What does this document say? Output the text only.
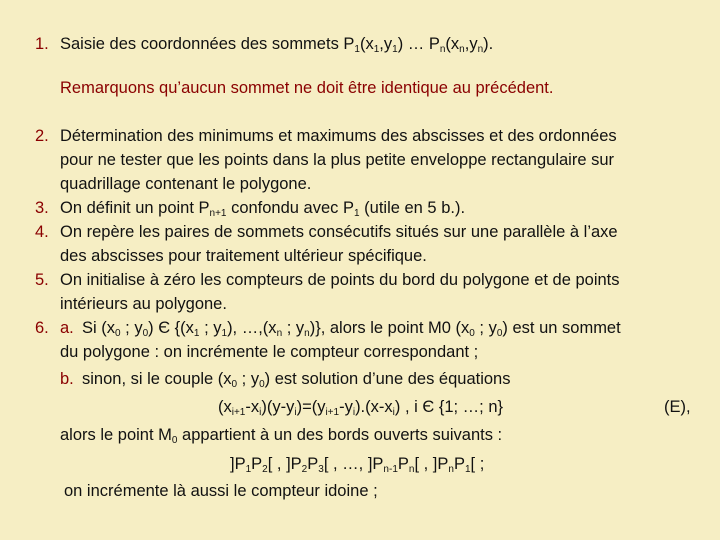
1.
2.
3.
4.
5.
6.
Saisie des coordonnées des sommets $P_1(x_1,y_1)$ … $P_n(x_n,y_n)$.
Remarquons qu’aucun sommet ne doit être identique au précédent.
Détermination des minimums et maximums des abscisses et des ordonnées
pour ne tester que les points dans la plus petite enveloppe rectangulaire sur
quadrillage contenant le polygone.
On définit un point $P_{n+1}$ confondu avec $P_1$ (utile en 5 b.).
On repère les paires de sommets consécutifs situés sur une parallèle à l’axe
des abscisses pour traitement ultérieur spécifique.
On initialise à zéro les compteurs de points du bord du polygone et de points
intérieurs au polygone.
a. Si ($x_0$ ; $y_0$) Є {($x_1$ ; $y_1$), $\dots,(x_n$ ; $y_n$)}, alors le point M0 ($x_0$ ; $y_0$) est un sommet
du polygone : on incrémente le compteur correspondant ;
b. sinon, si le couple ($x_0$ ; $y_0$) est solution d’une des équations
$(x_{i+1}-x_i)(y-y_i)=(y_{i+1}-y_i).(x-x_i)$ , i Є {1; …; n}	(E),
alors le point $M_0$ appartient à un des bords ouverts suivants :
]$P_1P_2$[ , ]$P_2P_3$[ , …, ]$P_{n-1}P_n$[ , ]$P_nP_1$[ ;
on incrémente là aussi le compteur idoine ;
